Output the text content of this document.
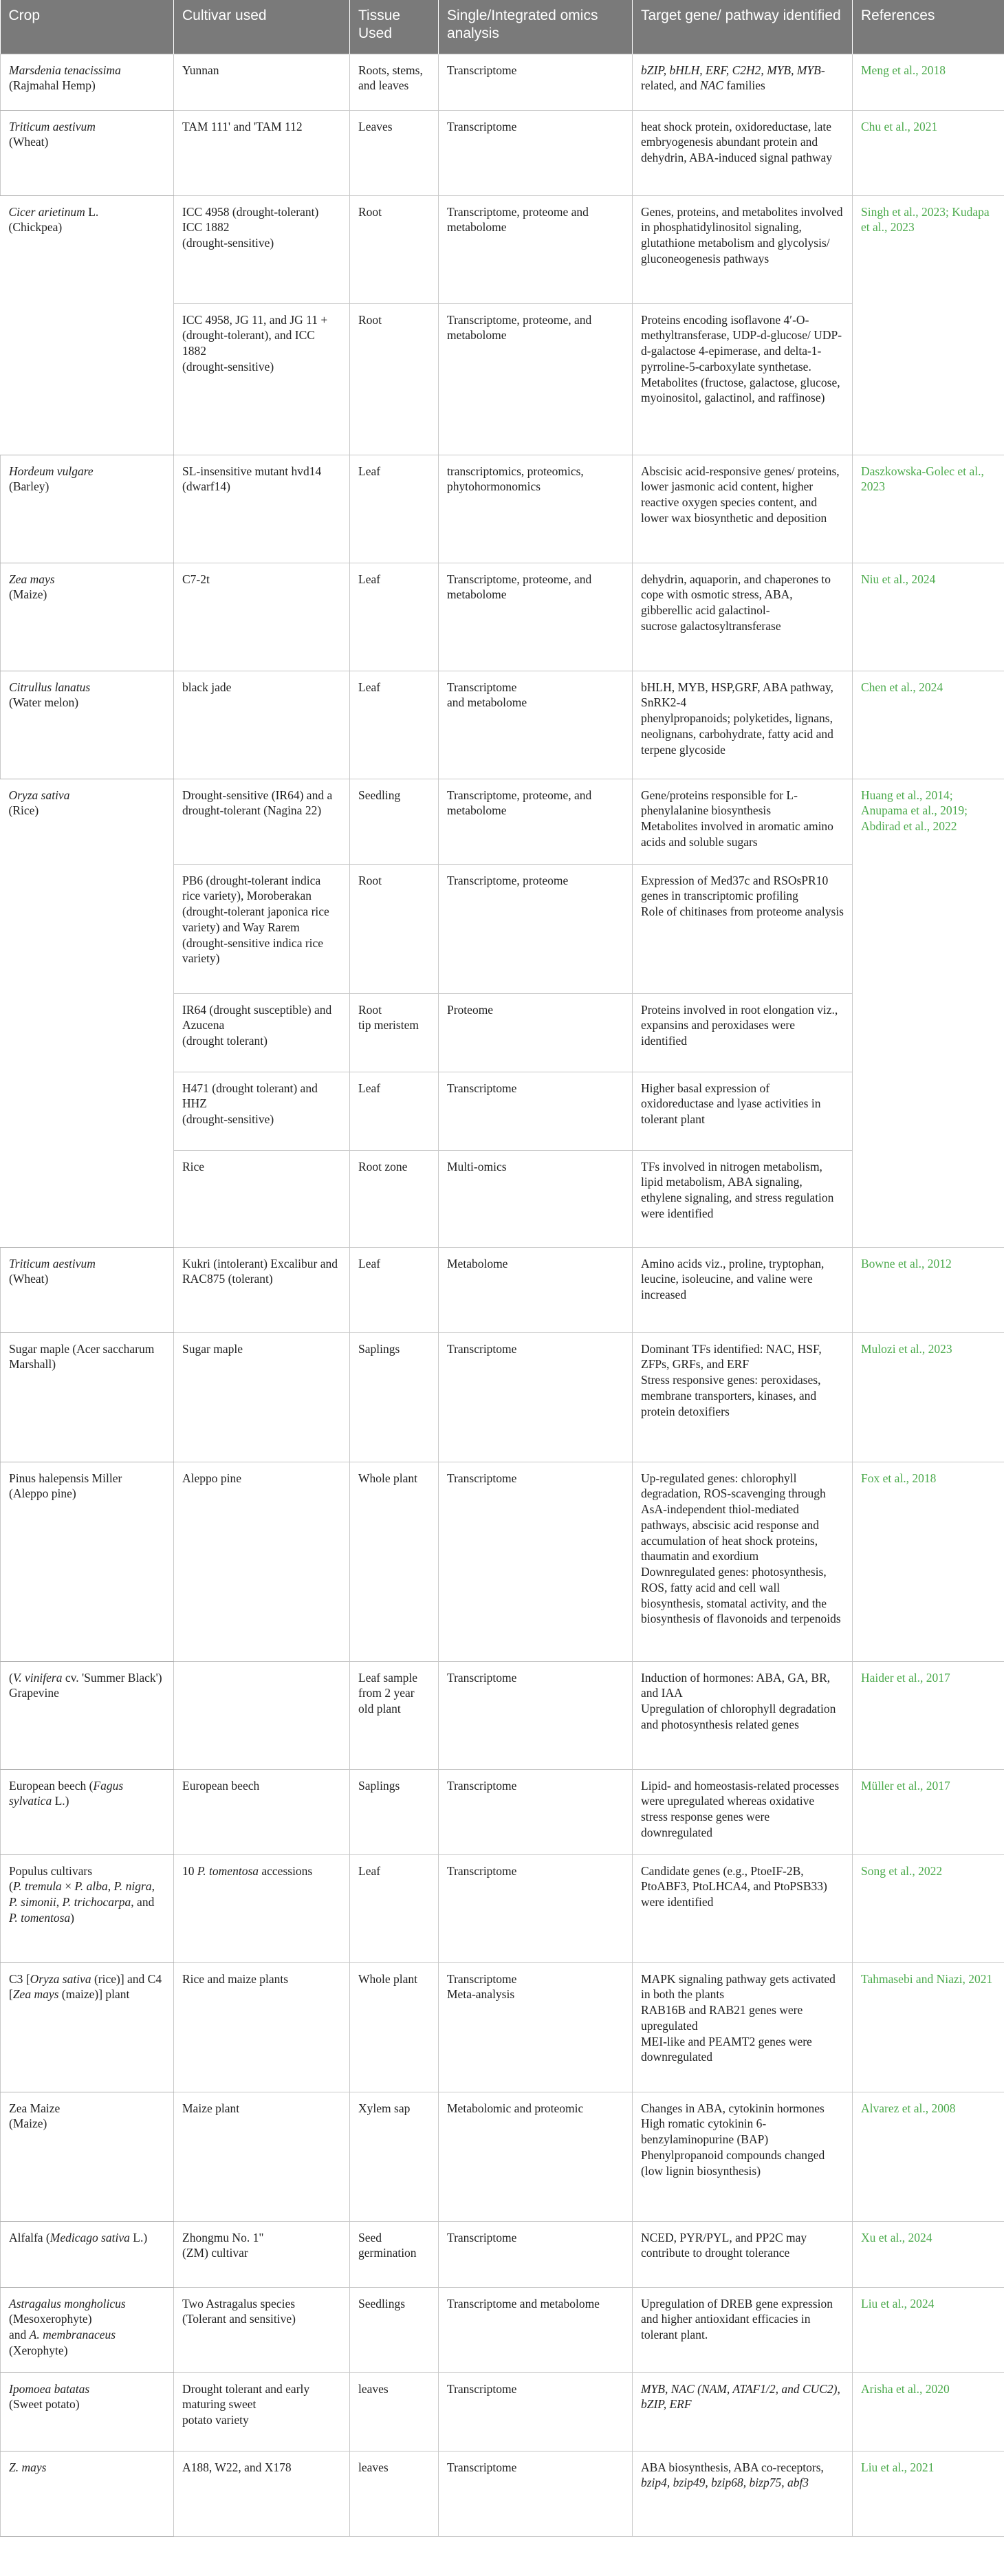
Crop	Cultivar used	Tissue Used	Single/Integrated omics analysis	Target gene/ pathway identified	References
Marsdenia tenacissima
(Rajmahal Hemp)	Yunnan	Roots, stems, and leaves	Transcriptome	bZIP, bHLH, ERF, C2H2, MYB, MYB-related, and NAC families	Meng et al., 2018
Triticum aestivum
(Wheat)	TAM 111' and 'TAM 112	Leaves	Transcriptome	heat shock protein, oxidoreductase, late embryogenesis abundant protein and dehydrin, ABA-induced signal pathway	Chu et al., 2021
Cicer arietinum L.
(Chickpea)	ICC 4958 (drought-tolerant)
ICC 1882
(drought-sensitive)	Root	Transcriptome, proteome and metabolome	Genes, proteins, and metabolites involved in phosphatidylinositol signaling, glutathione metabolism and glycolysis/ gluconeogenesis pathways	Singh et al., 2023; Kudapa et al., 2023
	ICC 4958, JG 11, and JG 11 + (drought-tolerant), and ICC 1882
(drought-sensitive)	Root	Transcriptome, proteome, and metabolome	Proteins encoding isoflavone 4′-O-methyltransferase, UDP-d-glucose/ UDP-d-galactose 4-epimerase, and delta-1-pyrroline-5-carboxylate synthetase.
Metabolites (fructose, galactose, glucose, myoinositol, galactinol, and raffinose)	
Hordeum vulgare
(Barley)	SL-insensitive mutant hvd14 (dwarf14)	Leaf	transcriptomics, proteomics, phytohormonomics	Abscisic acid-responsive genes/ proteins, lower jasmonic acid content, higher reactive oxygen species content, and lower wax biosynthetic and deposition	Daszkowska-Golec et al., 2023
Zea mays
(Maize)	C7-2t	Leaf	Transcriptome, proteome, and metabolome	dehydrin, aquaporin, and chaperones to cope with osmotic stress, ABA, gibberellic acid galactinol-
sucrose galactosyltransferase	Niu et al., 2024
Citrullus lanatus
(Water melon)	black jade	Leaf	Transcriptome
and metabolome	bHLH, MYB, HSP,GRF, ABA pathway, SnRK2-4
phenylpropanoids; polyketides, lignans, neolignans, carbohydrate, fatty acid and terpene glycoside	Chen et al., 2024
Oryza sativa
(Rice)	Drought-sensitive (IR64) and a drought-tolerant (Nagina 22)	Seedling	Transcriptome, proteome, and metabolome	Gene/proteins responsible for L-phenylalanine biosynthesis
Metabolites involved in aromatic amino acids and soluble sugars	Huang et al., 2014; Anupama et al., 2019; Abdirad et al., 2022
	PB6 (drought-tolerant indica rice variety), Moroberakan (drought-tolerant japonica rice variety) and Way Rarem (drought-sensitive indica rice variety)	Root	Transcriptome, proteome	Expression of Med37c and RSOsPR10 genes in transcriptomic profiling
Role of chitinases from proteome analysis	
	IR64 (drought susceptible) and Azucena
(drought tolerant)	Root
tip meristem	Proteome	Proteins involved in root elongation viz., expansins and peroxidases were identified	
	H471 (drought tolerant) and HHZ
(drought-sensitive)	Leaf	Transcriptome	Higher basal expression of oxidoreductase and lyase activities in tolerant plant	
	Rice	Root zone	Multi-omics	TFs involved in nitrogen metabolism, lipid metabolism, ABA signaling, ethylene signaling, and stress regulation were identified	
Triticum aestivum
(Wheat)	Kukri (intolerant) Excalibur and RAC875 (tolerant)	Leaf	Metabolome	Amino acids viz., proline, tryptophan, leucine, isoleucine, and valine were increased	Bowne et al., 2012
Sugar maple (Acer saccharum Marshall)	Sugar maple	Saplings	Transcriptome	Dominant TFs identified: NAC, HSF, ZFPs, GRFs, and ERF
Stress responsive genes: peroxidases, membrane transporters, kinases, and protein detoxifiers	Mulozi et al., 2023
Pinus halepensis Miller
(Aleppo pine)	Aleppo pine	Whole plant	Transcriptome	Up-regulated genes: chlorophyll degradation, ROS-scavenging through AsA-independent thiol-mediated pathways, abscisic acid response and accumulation of heat shock proteins, thaumatin and exordium
Downregulated genes: photosynthesis, ROS, fatty acid and cell wall biosynthesis, stomatal activity, and the biosynthesis of flavonoids and terpenoids	Fox et al., 2018
(V. vinifera cv. 'Summer Black') Grapevine		Leaf sample from 2 year old plant	Transcriptome	Induction of hormones: ABA, GA, BR, and IAA
Upregulation of chlorophyll degradation and photosynthesis related genes	Haider et al., 2017
European beech (Fagus sylvatica L.)	European beech	Saplings	Transcriptome	Lipid- and homeostasis-related processes were upregulated whereas oxidative stress response genes were downregulated	Müller et al., 2017
Populus cultivars
(P. tremula × P. alba, P. nigra, P. simonii, P. trichocarpa, and
P. tomentosa)	10 P. tomentosa accessions	Leaf	Transcriptome	Candidate genes (e.g., PtoeIF-2B, PtoABF3, PtoLHCA4, and PtoPSB33) were identified	Song et al., 2022
C3 [Oryza sativa (rice)] and C4 [Zea mays (maize)] plant	Rice and maize plants	Whole plant	Transcriptome
Meta-analysis	MAPK signaling pathway gets activated in both the plants
RAB16B and RAB21 genes were upregulated
MEI-like and PEAMT2 genes were downregulated	Tahmasebi and Niazi, 2021
Zea Maize
(Maize)	Maize plant	Xylem sap	Metabolomic and proteomic	Changes in ABA, cytokinin hormones
High romatic cytokinin 6-benzylaminopurine (BAP)
Phenylpropanoid compounds changed (low lignin biosynthesis)	Alvarez et al., 2008
Alfalfa (Medicago sativa L.)	Zhongmu No. 1"
(ZM) cultivar	Seed germination	Transcriptome	NCED, PYR/PYL, and PP2C may contribute to drought tolerance	Xu et al., 2024
Astragalus mongholicus
(Mesoxerophyte)
and A. membranaceus
(Xerophyte)	Two Astragalus species
(Tolerant and sensitive)	Seedlings	Transcriptome and metabolome	Upregulation of DREB gene expression and higher antioxidant efficacies in tolerant plant.	Liu et al., 2024
Ipomoea batatas
(Sweet potato)	Drought tolerant and early maturing sweet
potato variety	leaves	Transcriptome	MYB, NAC (NAM, ATAF1/2, and CUC2), bZIP, ERF	Arisha et al., 2020
Z. mays	A188, W22, and X178	leaves	Transcriptome	ABA biosynthesis, ABA co-receptors, bzip4, bzip49, bzip68, bizp75, abf3	Liu et al., 2021
